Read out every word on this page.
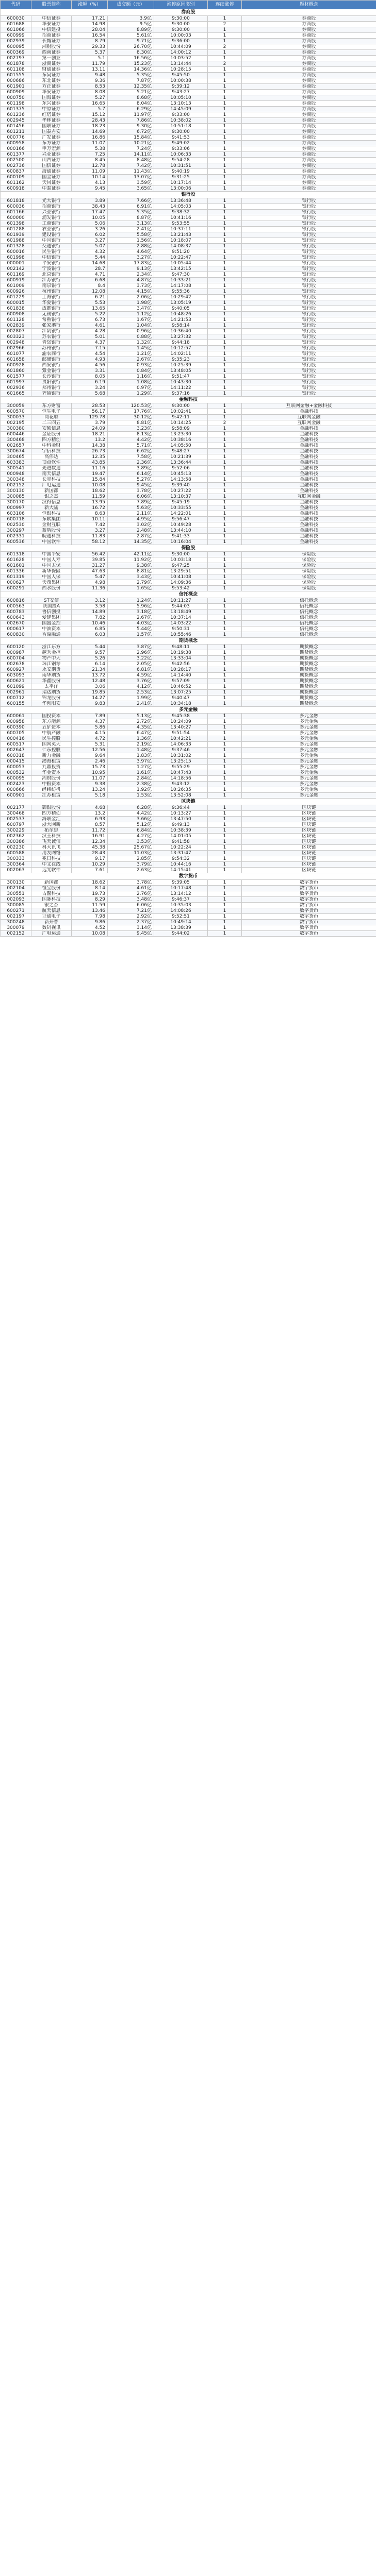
代码	股票简称	涨幅（%）	成交额（元）	涨停原因类别	连续涨停	题材概念
券商股						
600030	中信证券	17.21	3.9亿	9:30:00	1	券商股
601688	华泰证券	14.98	9.5亿	9:30:00	2	券商股
601066	中信建投	28.04	8.89亿	9:30:00	1	券商股
600999	招商证券	16.54	5.61亿	10:00:03	1	券商股
002939	长城证券	8.79	9.71亿	9:36:00	1	券商股
600095	湘财股份	29.33	26.70亿	10:44:09	2	券商股
600369	西南证券	5.37	8.30亿	14:00:12	1	券商股
002797	第一创业	5.1	16.56亿	10:03:52	1	券商股
601878	浙商证券	11.79	15.23亿	13:14:44	2	券商股
601108	财通证券	13.11	14.36亿	10:28:15	1	券商股
601555	东吴证券	9.48	5.35亿	9:45:50	1	券商股
000686	东北证券	9.36	7.87亿	10:00:38	1	券商股
601901	方正证券	8.53	12.35亿	9:39:12	1	券商股
600909	华安证券	8.08	5.21亿	9:43:27	1	券商股
000750	国海证券	5.27	8.68亿	10:05:10	1	券商股
601198	东兴证券	16.65	8.04亿	13:10:13	1	券商股
601375	中原证券	5.7	6.29亿	14:45:09	1	券商股
601236	红塔证券	15.12	11.97亿	9:33:00	1	券商股
002945	华林证券	28.43	7.86亿	10:38:02	1	券商股
601456	国联证券	18.23	9.30亿	10:51:18	1	券商股
601211	国泰君安	14.69	6.72亿	9:30:00	1	券商股
000776	广发证券	16.86	15.84亿	9:41:53	1	券商股
600958	东方证券	11.07	10.21亿	9:49:02	1	券商股
000166	申万宏源	5.38	7.24亿	9:33:06	1	券商股
601377	兴业证券	7.25	14.11亿	10:06:33	1	券商股
002500	山西证券	8.45	8.48亿	9:54:28	1	券商股
002736	国信证券	12.78	7.42亿	10:31:51	1	券商股
600837	海通证券	11.09	11.43亿	9:40:19	1	券商股
600109	国金证券	10.14	13.07亿	9:31:25	1	券商股
601162	天风证券	4.13	3.59亿	10:17:14	1	券商股
600918	中泰证券	9.45	3.65亿	13:00:06	1	券商股
银行股						
601818	光大银行	3.89	7.66亿	13:36:48	1	银行股
600036	招商银行	38.43	6.91亿	14:05:03	1	银行股
601166	兴业银行	17.47	5.35亿	9:38:32	1	银行股
600000	浦发银行	10.05	8.87亿	10:41:16	1	银行股
601398	工商银行	5.06	3.13亿	9:53:55	1	银行股
601288	农业银行	3.26	2.41亿	10:37:11	1	银行股
601939	建设银行	6.02	5.58亿	13:21:43	1	银行股
601988	中国银行	3.27	1.56亿	10:18:07	1	银行股
601328	交通银行	5.07	2.88亿	14:08:37	1	银行股
600016	民生银行	4.32	4.64亿	9:51:20	1	银行股
601998	中信银行	5.44	3.27亿	10:22:47	1	银行股
000001	平安银行	14.68	17.83亿	10:05:44	1	银行股
002142	宁波银行	28.7	9.13亿	13:42:15	1	银行股
601169	北京银行	4.71	2.34亿	9:47:30	1	银行股
600919	江苏银行	6.68	4.87亿	10:33:21	1	银行股
601009	南京银行	8.4	3.73亿	14:17:08	1	银行股
600926	杭州银行	12.08	4.15亿	9:55:36	1	银行股
601229	上海银行	6.21	2.06亿	10:29:42	1	银行股
600015	华夏银行	5.53	1.98亿	13:05:19	1	银行股
601838	成都银行	13.65	3.47亿	9:40:05	1	银行股
600908	无锡银行	5.22	1.12亿	10:48:26	1	银行股
601128	常熟银行	6.73	1.67亿	14:21:53	1	银行股
002839	张家港行	4.61	1.04亿	9:58:14	1	银行股
002807	江阴银行	4.28	0.96亿	10:36:40	1	银行股
603323	苏农银行	5.01	0.88亿	13:27:32	1	银行股
002948	青岛银行	4.37	1.32亿	9:44:18	1	银行股
002966	苏州银行	7.15	1.45亿	10:12:57	1	银行股
601077	渝农商行	4.54	1.21亿	14:02:11	1	银行股
601658	邮储银行	4.93	2.67亿	9:35:23	1	银行股
600928	西安银行	4.56	0.93亿	10:25:39	1	银行股
601860	紫金银行	3.31	0.84亿	13:48:05	1	银行股
601577	长沙银行	8.05	1.16亿	9:51:47	1	银行股
601997	贵阳银行	6.19	1.08亿	10:43:30	1	银行股
002936	郑州银行	3.24	0.97亿	14:11:22	1	银行股
601665	齐鲁银行	5.68	1.29亿	9:37:16	1	银行股
金融科技						
300059	东方财富	28.53	120.53亿	9:30:00	1	互联网金融+金融科技
600570	恒生电子	56.17	17.76亿	10:02:41	1	金融科技
300033	同花顺	129.78	30.12亿	9:42:11	1	互联网金融
002195	二三四五	3.79	8.81亿	10:14:25	2	互联网金融
300380	安硕信息	24.09	3.23亿	9:58:09	1	金融科技
600446	金证股份	18.21	8.13亿	13:23:30	1	金融科技
300468	四方精创	13.2	4.42亿	10:38:16	1	金融科技
002657	中科金财	14.38	5.71亿	14:05:50	1	金融科技
300674	宇信科技	26.73	6.62亿	9:48:27	1	金融科技
300465	高伟达	12.35	7.58亿	10:21:39	1	金融科技
603383	顶点软件	43.85	2.36亿	13:36:44	1	金融科技
300541	先进数通	11.16	3.89亿	9:52:06	1	金融科技
000948	南天信息	19.47	6.14亿	10:45:13	1	金融科技
300348	长亮科技	15.84	5.27亿	14:13:58	1	金融科技
002152	广电运通	10.08	9.45亿	9:39:40	1	金融科技
300130	新国都	18.62	3.78亿	10:27:22	1	金融科技
300085	银之杰	11.59	6.06亿	13:10:37	1	互联网金融
300170	汉得信息	13.95	7.89亿	9:45:19	1	金融科技
000997	新大陆	16.72	5.63亿	10:33:55	1	金融科技
603106	恒银科技	8.63	2.11亿	14:22:01	1	金融科技
600718	东软集团	10.11	4.95亿	9:56:47	1	金融科技
002530	金财互联	7.42	3.02亿	10:49:28	1	金融科技
300297	蓝盾股份	3.27	2.48亿	13:44:10	1	金融科技
002331	皖通科技	11.83	2.87亿	9:41:33	1	金融科技
600536	中国软件	58.12	14.35亿	10:16:04	1	金融科技
保险股						
601318	中国平安	56.42	42.11亿	9:30:00	1	保险股
601628	中国人寿	39.85	11.92亿	10:03:18	1	保险股
601601	中国太保	31.27	9.38亿	9:47:25	1	保险股
601336	新华保险	47.63	8.81亿	13:29:51	1	保险股
601319	中国人保	5.47	3.43亿	10:41:08	1	保险股
000627	天茂集团	4.98	2.79亿	14:09:36	1	保险股
600291	西水股份	11.36	1.65亿	9:53:42	1	保险股
信托概念						
600816	ST安信	3.12	1.24亿	10:11:27	1	信托概念
000563	陕国投A	3.58	5.96亿	9:44:03	1	信托概念
600783	鲁信创投	14.89	3.18亿	13:18:49	1	信托概念
600643	爱建集团	7.82	2.67亿	10:37:14	1	信托概念
002670	国盛金控	10.46	4.03亿	14:03:22	1	信托概念
000617	中油资本	6.85	5.44亿	9:50:31	1	信托概念
600830	香溢融通	6.03	1.57亿	10:55:46	1	信托概念
期货概念						
600120	浙江东方	5.44	3.87亿	9:48:11	1	期货概念
000987	越秀金控	9.57	2.96亿	10:19:38	1	期货概念
600704	物产中大	5.26	3.22亿	13:33:04	1	期货概念
002678	珠江钢琴	6.14	2.05亿	9:42:56	1	期货概念
600927	永安期货	21.34	6.81亿	10:28:17	1	期货概念
603093	南华期货	13.72	4.59亿	14:14:40	1	期货概念
600621	华鑫股份	12.48	3.76亿	9:57:09	1	期货概念
601099	太平洋	3.06	4.12亿	10:46:52	1	期货概念
002961	瑞达期货	19.85	2.53亿	13:07:25	1	期货概念
000712	锦龙股份	14.27	1.99亿	9:40:47	1	期货概念
600155	华创阳安	9.83	2.41亿	10:34:18	1	期货概念
多元金融						
600061	国投资本	7.89	5.13亿	9:45:38	1	多元金融
000958	东方能源	4.37	2.72亿	10:24:09	1	多元金融
600390	五矿资本	5.86	4.35亿	13:40:27	1	多元金融
600705	中航产融	4.15	6.47亿	9:51:54	1	多元金融
000416	民生控股	4.72	1.36亿	10:42:21	1	多元金融
600517	国网英大	5.31	2.19亿	14:06:33	1	多元金融
002647	仁东控股	12.56	1.48亿	9:37:46	1	多元金融
600318	新力金融	9.64	1.83亿	10:31:02	1	多元金融
000415	渤海租赁	2.46	3.97亿	13:25:15	1	多元金融
600053	九鼎投资	15.73	1.27亿	9:55:29	1	多元金融
000532	华金资本	10.95	1.61亿	10:47:43	1	多元金融
600095	湘财股份	11.07	2.84亿	14:18:56	1	多元金融
002423	中粮资本	9.38	2.38亿	9:43:12	1	多元金融
000666	经纬纺机	13.24	1.92亿	10:26:35	1	多元金融
600901	江苏租赁	5.18	1.53亿	13:52:08	1	多元金融
区块链						
002177	御银股份	4.68	6.28亿	9:36:44	1	区块链
300468	四方精创	13.2	4.42亿	10:13:27	1	区块链
002537	海联金汇	6.93	3.66亿	13:47:50	1	区块链
600797	浙大网新	8.57	5.12亿	9:49:13	1	区块链
300229	拓尔思	11.72	6.84亿	10:38:39	1	区块链
002362	汉王科技	16.91	4.27亿	14:01:05	1	区块链
300386	飞天诚信	12.34	3.53亿	9:41:58	1	区块链
002230	科大讯飞	45.38	25.67亿	10:22:24	1	区块链
600588	用友网络	28.43	11.03亿	13:31:47	1	区块链
300333	兆日科技	9.17	2.85亿	9:54:32	1	区块链
300364	中文在线	10.29	3.79亿	10:44:16	1	区块链
002063	远光软件	7.61	2.63亿	14:15:41	1	区块链
数字货币						
300130	新国都	18.62	3.78亿	9:39:05	1	数字货币
002104	恒宝股份	8.14	4.61亿	10:17:48	1	数字货币
300551	古鳌科技	19.73	2.76亿	13:14:12	1	数字货币
002093	国脉科技	8.29	3.48亿	9:46:37	1	数字货币
300085	银之杰	11.59	6.06亿	10:35:03	1	数字货币
600271	航天信息	13.46	7.21亿	14:08:26	1	数字货币
002197	证通电子	7.98	2.92亿	9:52:51	1	数字货币
300248	新开普	9.86	2.37亿	10:49:14	1	数字货币
300079	数码视讯	4.52	3.14亿	13:38:39	1	数字货币
002152	广电运通	10.08	9.45亿	9:44:02	1	数字货币
